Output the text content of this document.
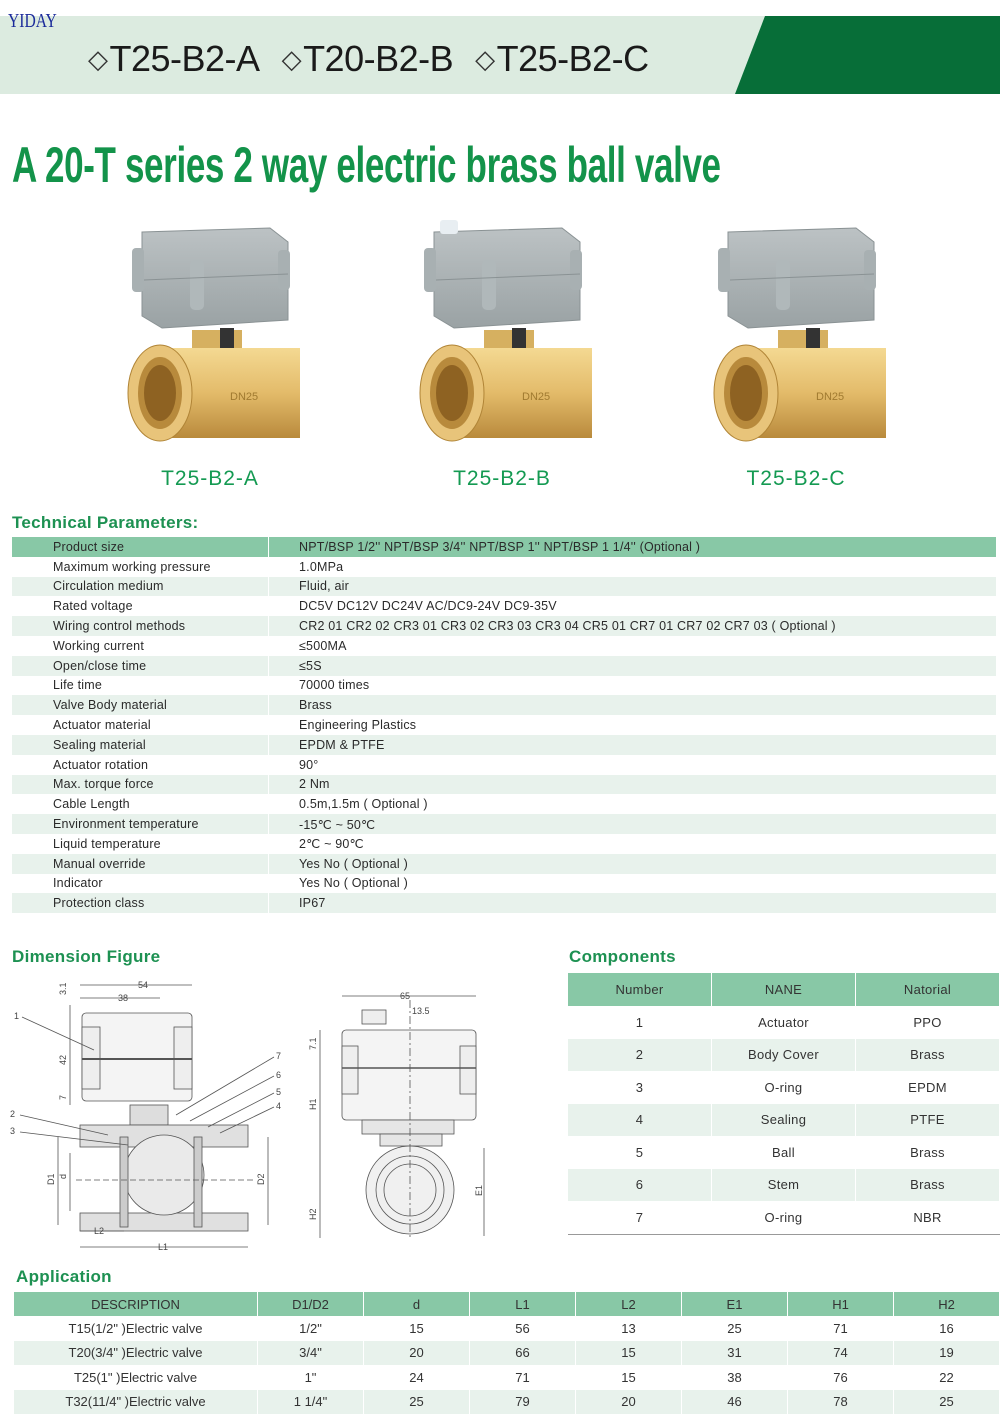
YIDAY
◇ T25-B2-A ◇ T20-B2-B ◇ T25-B2-C
A 20-T series 2 way electric brass ball valve
DN25
T25-B2-A
DN25
T25-B2-B
DN25
T25-B2-C
Technical Parameters:
Product size	NPT/BSP 1/2'' NPT/BSP 3/4'' NPT/BSP 1'' NPT/BSP 1 1/4'' (Optional )
Maximum working pressure	1.0MPa
Circulation medium	Fluid, air
Rated voltage	DC5V DC12V DC24V AC/DC9-24V DC9-35V
Wiring control methods	CR2 01 CR2 02 CR3 01 CR3 02 CR3 03 CR3 04 CR5 01 CR7 01 CR7 02 CR7 03 ( Optional )
Working current	≤500MA
Open/close time	≤5S
Life time	70000 times
Valve Body material	Brass
Actuator material	Engineering Plastics
Sealing material	EPDM & PTFE
Actuator rotation	90°
Max. torque force	2 Nm
Cable Length	0.5m,1.5m ( Optional )
Environment temperature	-15℃ ~ 50℃
Liquid temperature	2℃ ~ 90℃
Manual override	Yes No ( Optional )
Indicator	Yes No ( Optional )
Protection class	IP67
Dimension Figure
54
38
3.1
42
7
D1 d	D2
L2
L1
1
2
3
4
5
6
7
65
13.5
7.1
H1
H2
E1
Components
Number	NANE	Natorial
1	Actuator	PPO
2	Body Cover	Brass
3	O-ring	EPDM
4	Sealing	PTFE
5	Ball	Brass
6	Stem	Brass
7	O-ring	NBR
Application
DESCRIPTION	D1/D2	d	L1	L2	E1	H1	H2
T15(1/2" )Electric valve	1/2"	15	56	13	25	71	16
T20(3/4" )Electric valve	3/4"	20	66	15	31	74	19
T25(1" )Electric valve	1"	24	71	15	38	76	22
T32(11/4" )Electric valve	1 1/4"	25	79	20	46	78	25
